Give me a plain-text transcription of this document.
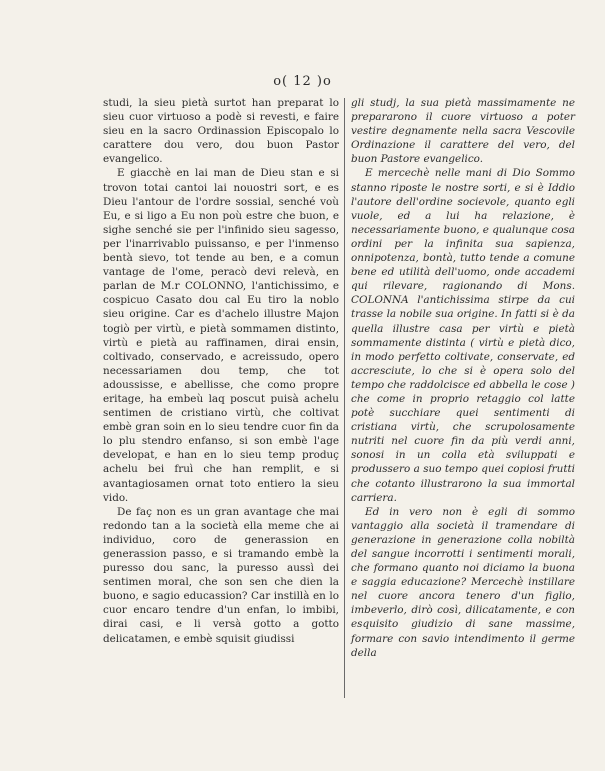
o( 12 )o

studi, la sieu pietà surtot han preparat lo sieu cuor virtuoso a podè si revesti, e faire sieu en la sacro Ordinassion Episcopalo lo carattere dou vero, dou buon Pastor evangelico.

E giacchè en lai man de Dieu stan e si trovon totai cantoi lai nouostri sort, e es Dieu l'antour de l'ordre sossial, senché voù Eu, e si ligo a Eu non poù estre che buon, e sighe senché sie per l'infinido sieu sagesso, per l'inarrivablo puissanso, e per l'inmenso bentà sievo, tot tende au ben, e a comun vantage de l'ome, peracò devi relevà, en parlan de M.r COLONNO, l'antichissimo, e cospicuo Casato dou cal Eu tiro la noblo sieu origine. Car es d'achelo illustre Majon togiò per virtù, e pietà sommamen distinto, virtù e pietà au raffinamen, dirai ensin, coltivado, conservado, e acreissudo, opero necessariamen dou temp, che tot adoussisse, e abellisse, che como propre eritage, ha embeù laq poscut puisà achelu sentimen de cristiano virtù, che coltivat embè gran soin en lo sieu tendre cuor fin da lo plu stendro enfanso, si son embè l'age developat, e han en lo sieu temp produç achelu bei fruì che han remplit, e si avantagiosamen ornat toto entiero la sieu vido.

De faç non es un gran avantage che mai redondo tan a la società ella meme che ai individuo, coro de generassion en generassion passo, e si tramando embè la puresso dou sanc, la puresso aussì dei sentimen moral, che son sen che dien la buono, e sagio educassion? Car instillà en lo cuor encaro tendre d'un enfan, lo imbibi, dirai casi, e li versà gotto a gotto delicatamen, e embè squisit giudissi

gli studj, la sua pietà massimamente ne prepararono il cuore virtuoso a poter vestire degnamente nella sacra Vescovile Ordinazione il carattere del vero, del buon Pastore evangelico.

E mercechè nelle mani di Dio Sommo stanno riposte le nostre sorti, e si è Iddio l'autore dell'ordine socievole, quanto egli vuole, ed a lui ha relazione, è necessariamente buono, e qualunque cosa ordini per la infinita sua sapienza, onnipotenza, bontà, tutto tende a comune bene ed utilità dell'uomo, onde accademi qui rilevare, ragionando di Mons. COLONNA l'antichissima stirpe da cui trasse la nobile sua origine. In fatti si è da quella illustre casa per virtù e pietà sommamente distinta ( virtù e pietà dico, in modo perfetto coltivate, conservate, ed accresciute, lo che si è opera solo del tempo che raddolcisce ed abbella le cose ) che come in proprio retaggio col latte potè succhiare quei sentimenti di cristiana virtù, che scrupolosamente nutriti nel cuore fin da più verdi anni, sonosi in un colla età sviluppati e produssero a suo tempo quei copiosi frutti che cotanto illustrarono la sua immortal carriera.

Ed in vero non è egli di sommo vantaggio alla società il tramendare di generazione in generazione colla nobiltà del sangue incorrotti i sentimenti morali, che formano quanto noi diciamo la buona e saggia educazione? Mercechè instillare nel cuore ancora tenero d'un figlio, imbeverlo, dirò così, dilicatamente, e con esquisito giudizio di sane massime, formare con savio intendimento il germe della
